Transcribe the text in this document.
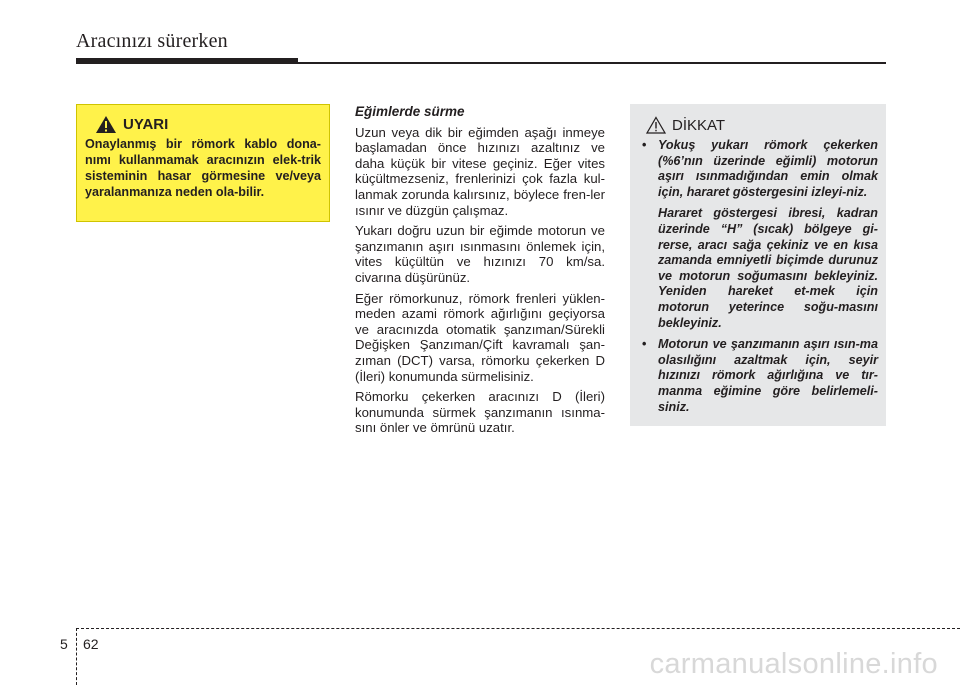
Aracınızı sürerken
UYARI
Onaylanmış bir römork kablo dona-nımı kullanmamak aracınızın elek-trik sisteminin hasar görmesine ve/veya yaralanmanıza neden ola-bilir.
Eğimlerde sürme

Uzun veya dik bir eğimden aşağı inmeye başlamadan önce hızınızı azaltınız ve daha küçük bir vitese geçiniz. Eğer vites küçültmezseniz, frenlerinizi çok fazla kul-lanmak zorunda kalırsınız, böylece fren-ler ısınır ve düzgün çalışmaz.

Yukarı doğru uzun bir eğimde motorun ve şanzımanın aşırı ısınmasını önlemek için, vites küçültün ve hızınızı 70 km/sa. civarına düşürünüz.

Eğer römorkunuz, römork frenleri yüklen-meden azami römork ağırlığını geçiyorsa ve aracınızda otomatik şanzıman/Sürekli Değişken Şanzıman/Çift kavramalı şan-zıman (DCT) varsa, römorku çekerken D (İleri) konumunda sürmelisiniz.

Römorku çekerken aracınızı D (İleri) konumunda sürmek şanzımanın ısınma-sını önler ve ömrünü uzatır.

DİKKAT
• Yokuş yukarı römork çekerken (%6’nın üzerinde eğimli) motorun aşırı ısınmadığından emin olmak için, hararet göstergesini izleyi-niz.
Hararet göstergesi ibresi, kadran üzerinde “H” (sıcak) bölgeye gi-rerse, aracı sağa çekiniz ve en kısa zamanda emniyetli biçimde durunuz ve motorun soğumasını bekleyiniz. Yeniden hareket et-mek için motorun yeterince soğu-masını bekleyiniz.
• Motorun ve şanzımanın aşırı ısın-ma olasılığını azaltmak için, seyir hızınızı römork ağırlığına ve tır-manma eğimine göre belirlemeli-siniz.
5 62
carmanualsonline.info
